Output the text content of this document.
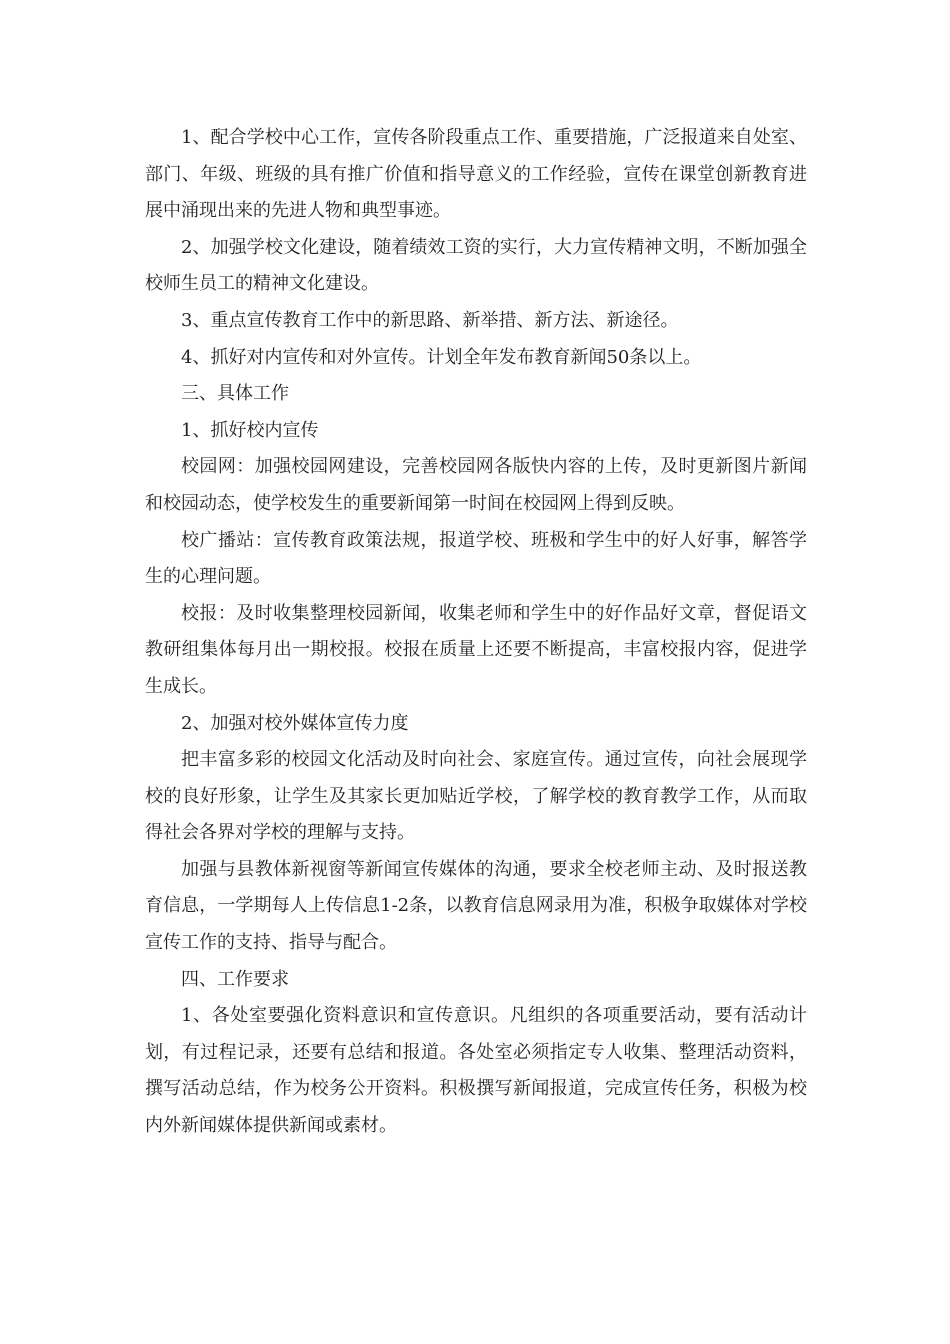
1、配合学校中心工作，宣传各阶段重点工作、重要措施，广泛报道来自处室、部门、年级、班级的具有推广价值和指导意义的工作经验，宣传在课堂创新教育进展中涌现出来的先进人物和典型事迹。

2、加强学校文化建设，随着绩效工资的实行，大力宣传精神文明，不断加强全校师生员工的精神文化建设。

3、重点宣传教育工作中的新思路、新举措、新方法、新途径。

4、抓好对内宣传和对外宣传。计划全年发布教育新闻50条以上。

三、具体工作

1、抓好校内宣传

校园网：加强校园网建设，完善校园网各版快内容的上传，及时更新图片新闻和校园动态，使学校发生的重要新闻第一时间在校园网上得到反映。

校广播站：宣传教育政策法规，报道学校、班极和学生中的好人好事，解答学生的心理问题。

校报：及时收集整理校园新闻，收集老师和学生中的好作品好文章，督促语文教研组集体每月出一期校报。校报在质量上还要不断提高，丰富校报内容，促进学生成长。

2、加强对校外媒体宣传力度

把丰富多彩的校园文化活动及时向社会、家庭宣传。通过宣传，向社会展现学校的良好形象，让学生及其家长更加贴近学校，了解学校的教育教学工作，从而取得社会各界对学校的理解与支持。

加强与县教体新视窗等新闻宣传媒体的沟通，要求全校老师主动、及时报送教育信息，一学期每人上传信息1-2条，以教育信息网录用为准，积极争取媒体对学校宣传工作的支持、指导与配合。

四、工作要求

1、各处室要强化资料意识和宣传意识。凡组织的各项重要活动，要有活动计划，有过程记录，还要有总结和报道。各处室必须指定专人收集、整理活动资料，撰写活动总结，作为校务公开资料。积极撰写新闻报道，完成宣传任务，积极为校内外新闻媒体提供新闻或素材。
